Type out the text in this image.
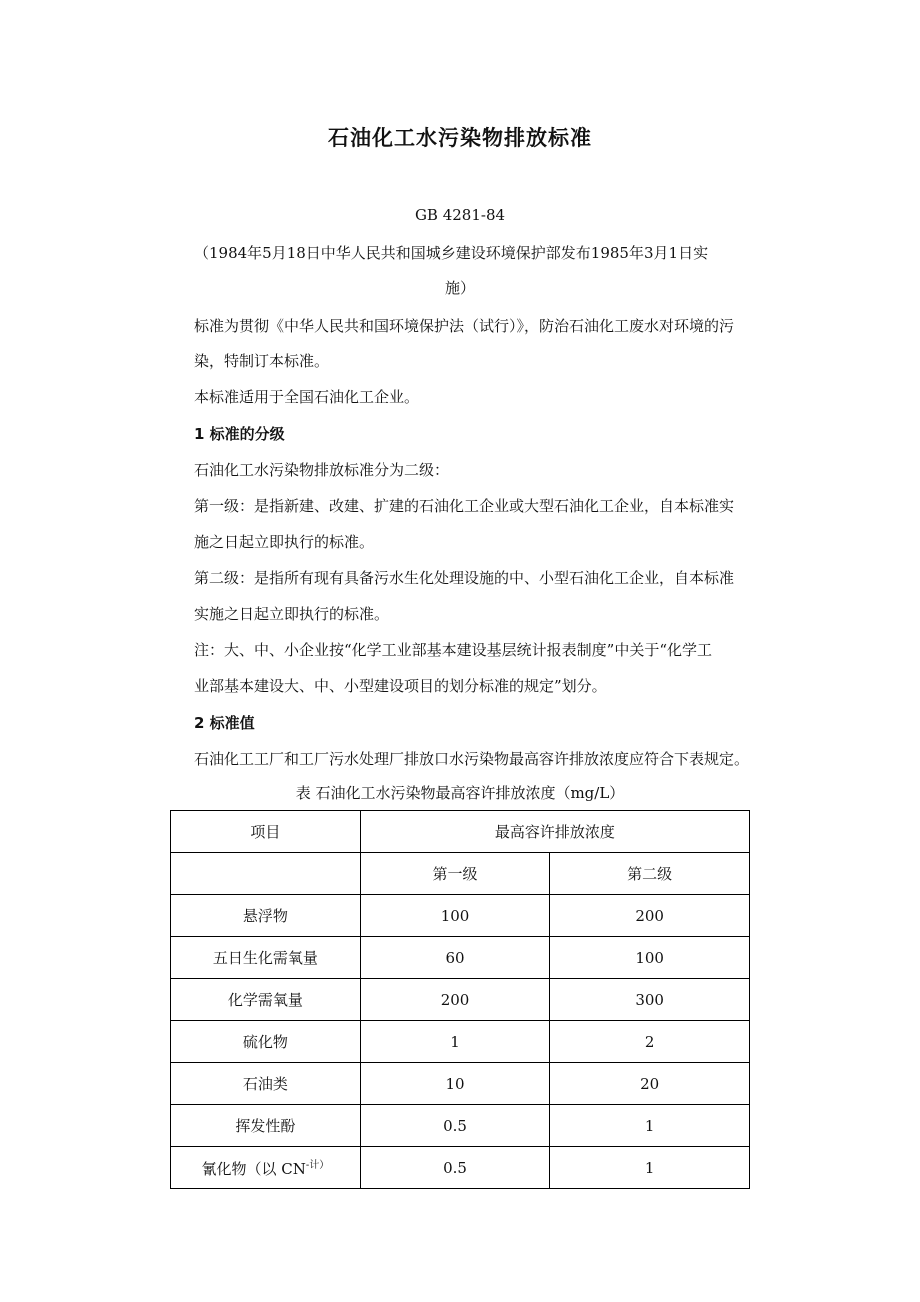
石油化工水污染物排放标准
GB 4281-84
（1984年5月18日中华人民共和国城乡建设环境保护部发布1985年3月1日实
施）
标准为贯彻《中华人民共和国环境保护法（试行）》，防治石油化工废水对环境的污
染，特制订本标准。
本标准适用于全国石油化工企业。
1 标准的分级
石油化工水污染物排放标准分为二级：
第一级：是指新建、改建、扩建的石油化工企业或大型石油化工企业，自本标准实
施之日起立即执行的标准。
第二级：是指所有现有具备污水生化处理设施的中、小型石油化工企业，自本标准
实施之日起立即执行的标准。
注：大、中、小企业按“化学工业部基本建设基层统计报表制度”中关于“化学工
业部基本建设大、中、小型建设项目的划分标准的规定”划分。
2 标准值
石油化工工厂和工厂污水处理厂排放口水污染物最高容许排放浓度应符合下表规定。
表 石油化工水污染物最高容许排放浓度（mg/L）
项目	最高容许排放浓度	
	第一级	第二级
悬浮物	100	200
五日生化需氧量	60	100
化学需氧量	200	300
硫化物	1	2
石油类	10	20
挥发性酚	0.5	1
氰化物（以 $CN^{-计)}$	0.5	1
